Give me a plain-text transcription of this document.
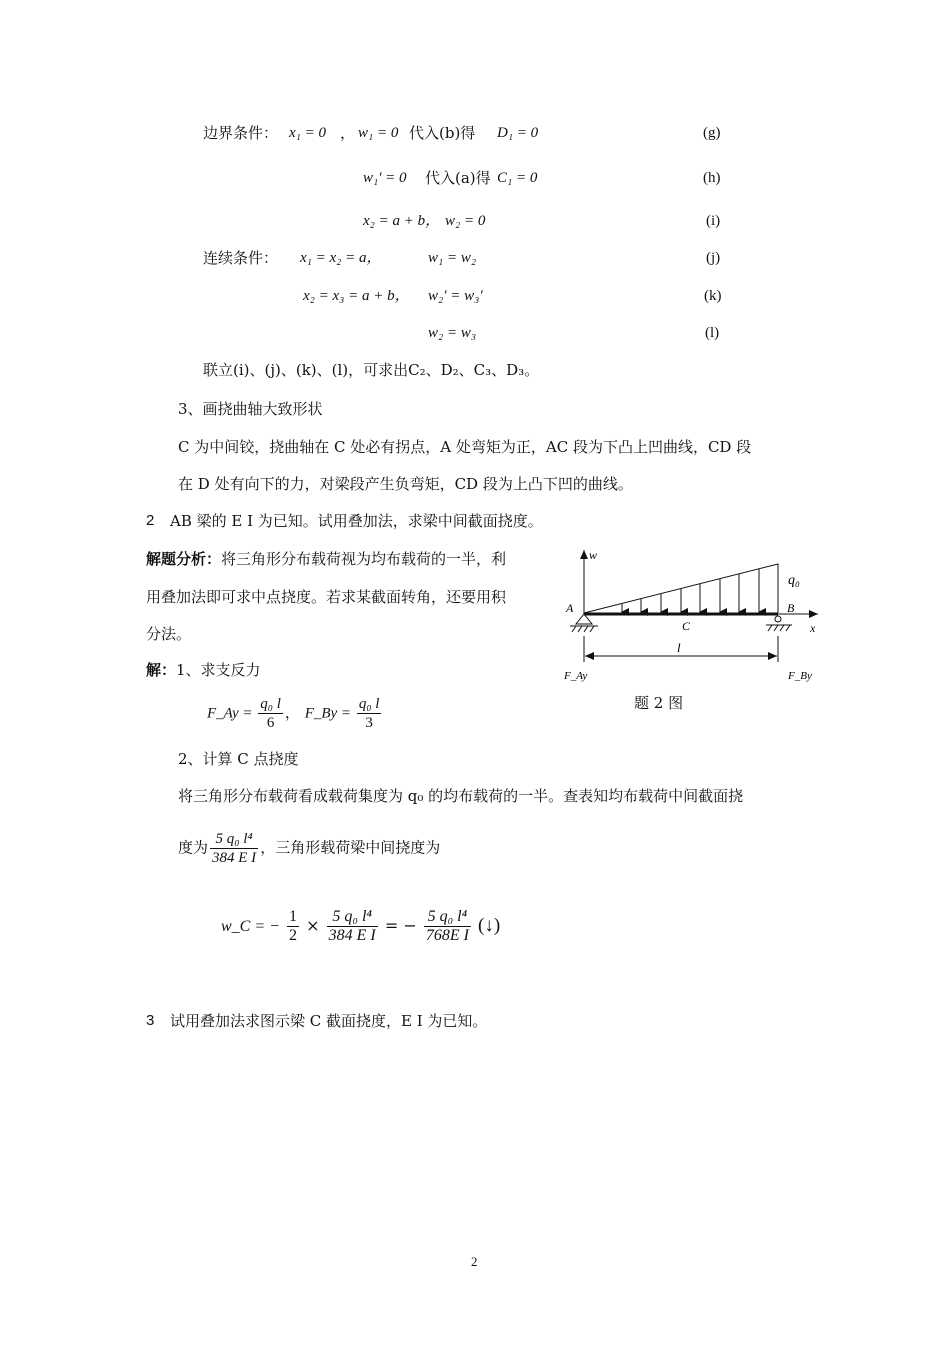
边界条件： x₁ = 0 ， w₁ = 0 代入(b)得 D₁ = 0	(g)
w₁' = 0 代入(a)得 C₁ = 0	(h)
x₂ = a + b， w₂ = 0	(i)
连续条件： x₁ = x₂ = a，	w₁ = w₂	(j)
x₂ = x₃ = a + b， w₂′ = w₃′	(k)
w₂ = w₃	(l)
联立(i)、(j)、(k)、(l)，可求出C₂、D₂、C₃、D₃。
3、画挠曲轴大致形状
C 为中间铰，挠曲轴在 C 处必有拐点，A 处弯矩为正，AC 段为下凸上凹曲线，CD 段
在 D 处有向下的力，对梁段产生负弯矩，CD 段为上凸下凹的曲线。
2 AB 梁的 E I 为已知。试用叠加法，求梁中间截面挠度。
解题分析：将三角形分布载荷视为均布载荷的一半，利
用叠加法即可求中点挠度。若求某截面转角，还要用积
分法。
解：1、求支反力
F_Ay = $\frac{\text{q₀ l}}{6}$ ， F_By = $\frac{\text{q₀ l}}{3}$
2、计算 C 点挠度
将三角形分布载荷看成载荷集度为 q₀ 的均布载荷的一半。查表知均布载荷中间截面挠
度为 $\frac{\text{5 q₀ l⁴}}{\text{384 E I}}$ ，三角形载荷梁中间挠度为
w_C = − $\frac{1}{2} \times \frac{\text{5 q₀ l⁴}}{\text{384 E I}}$ = − $\frac{\text{5 q₀ l⁴}}{\text{768E I}}$ (↓)
3 试用叠加法求图示梁 C 截面挠度，E I 为已知。
2
w
x
q₀
A	B
C
l
F_Ay	F_By
题 2 图
